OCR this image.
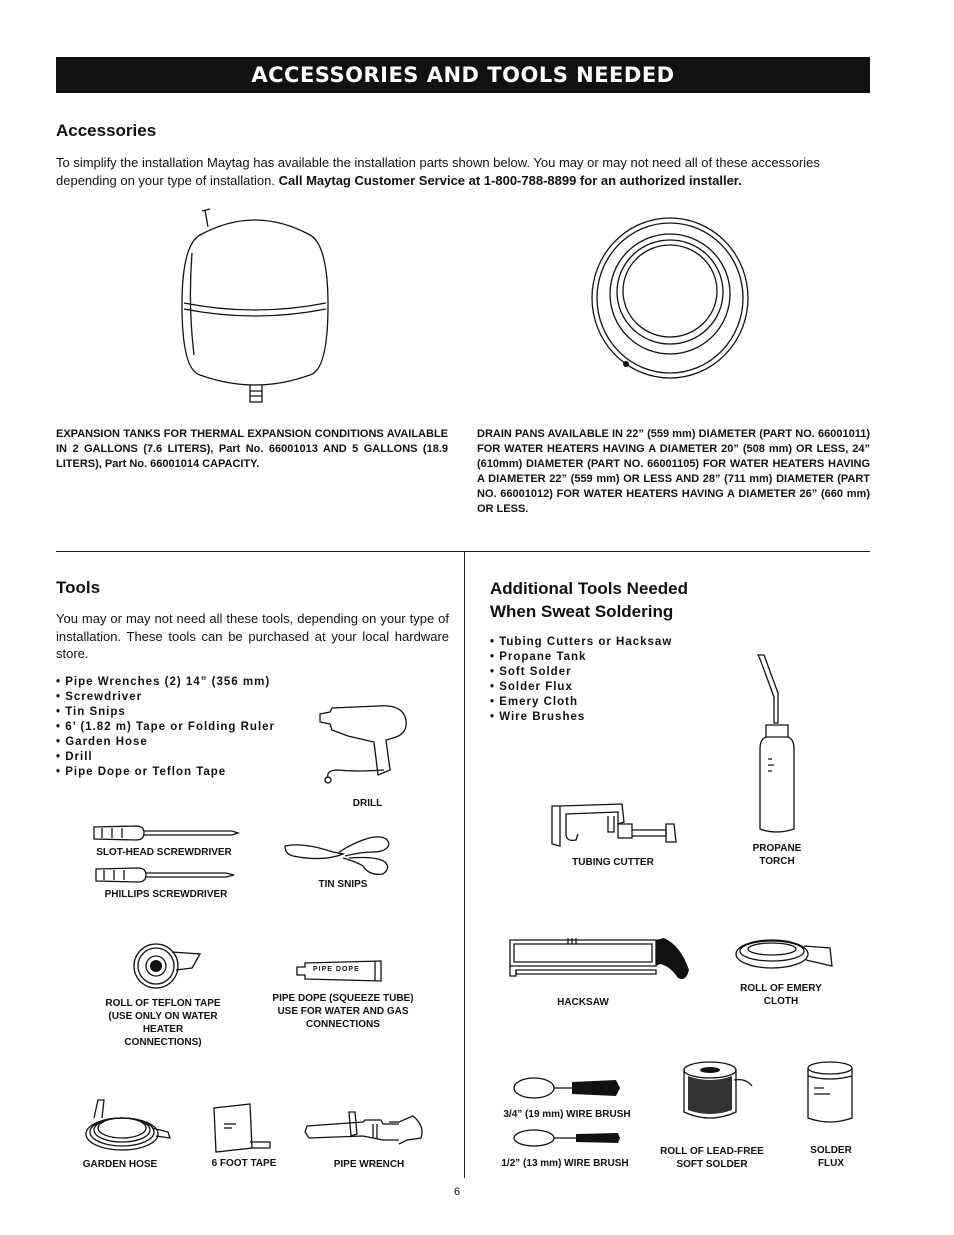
ACCESSORIES AND TOOLS NEEDED
Accessories
To simplify the installation Maytag has available the installation parts shown below. You may or may not need all of these accessories depending on your type of installation. Call Maytag Customer Service at 1-800-788-8899 for an authorized installer.
EXPANSION TANKS FOR THERMAL EXPANSION CONDITIONS AVAILABLE IN 2 GALLONS (7.6 LITERS), Part No. 66001013 AND 5 GALLONS (18.9 LITERS), Part No. 66001014 CAPACITY.
DRAIN PANS AVAILABLE IN 22” (559 mm) DIAMETER (PART NO. 66001011) FOR WATER HEATERS HAVING A DIAMETER 20” (508 mm) OR LESS, 24” (610mm) DIAMETER (PART NO. 66001105) FOR WATER HEATERS HAVING A DIAMETER 22” (559 mm) OR LESS AND 28” (711 mm) DIAMETER (PART NO. 66001012) FOR WATER HEATERS HAVING A DIAMETER 26” (660 mm) OR LESS.
Tools
You may or may not need all these tools, depending on your type of installation. These tools can be purchased at your local hardware store.
• Pipe Wrenches (2) 14” (356 mm)
• Screwdriver
• Tin Snips
• 6’ (1.82 m) Tape or Folding Ruler
• Garden Hose
• Drill
• Pipe Dope or Teflon Tape
DRILL
SLOT-HEAD SCREWDRIVER
PHILLIPS SCREWDRIVER
TIN SNIPS
ROLL OF TEFLON TAPE (USE ONLY ON WATER HEATER CONNECTIONS)
PIPE DOPE
PIPE DOPE (SQUEEZE TUBE) USE FOR WATER AND GAS CONNECTIONS
GARDEN HOSE	6 FOOT TAPE	PIPE WRENCH
Additional Tools Needed
When Sweat Soldering
• Tubing Cutters or Hacksaw
• Propane Tank
• Soft Solder
• Solder Flux
• Emery Cloth
• Wire Brushes
PROPANE TORCH
TUBING CUTTER
HACKSAW
ROLL OF EMERY CLOTH
3/4” (19 mm) WIRE BRUSH
1/2” (13 mm) WIRE BRUSH
ROLL OF LEAD-FREE SOFT SOLDER
SOLDER FLUX
6
